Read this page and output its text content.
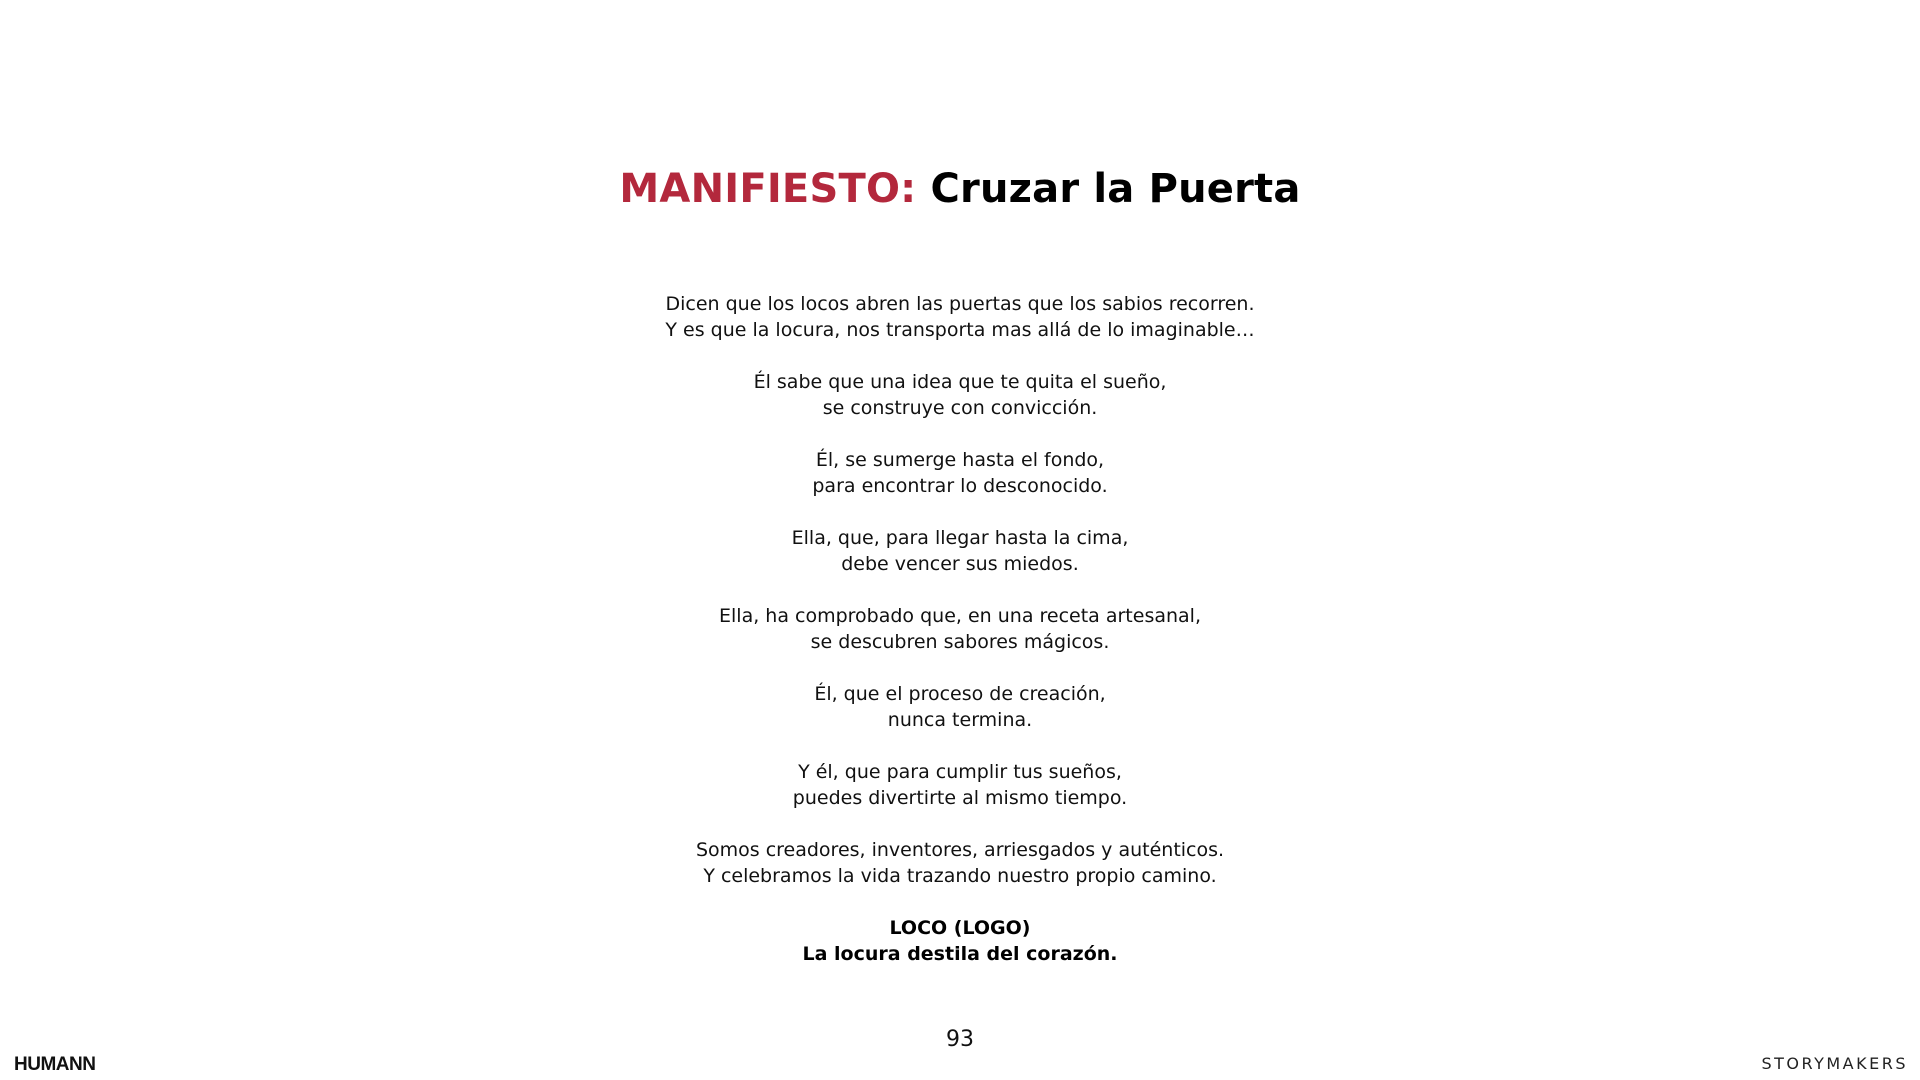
MANIFIESTO: Cruzar la Puerta
Dicen que los locos abren las puertas que los sabios recorren.
Y es que la locura, nos transporta mas allá de lo imaginable…
Él sabe que una idea que te quita el sueño,
se construye con convicción.
Él, se sumerge hasta el fondo,
para encontrar lo desconocido.
Ella, que, para llegar hasta la cima,
debe vencer sus miedos.
Ella, ha comprobado que, en una receta artesanal,
se descubren sabores mágicos.
Él, que el proceso de creación,
nunca termina.
Y él, que para cumplir tus sueños,
puedes divertirte al mismo tiempo.
Somos creadores, inventores, arriesgados y auténticos.
Y celebramos la vida trazando nuestro propio camino.
LOCO (LOGO)
La locura destila del corazón.
93
HUMANN	STORYMAKERS
